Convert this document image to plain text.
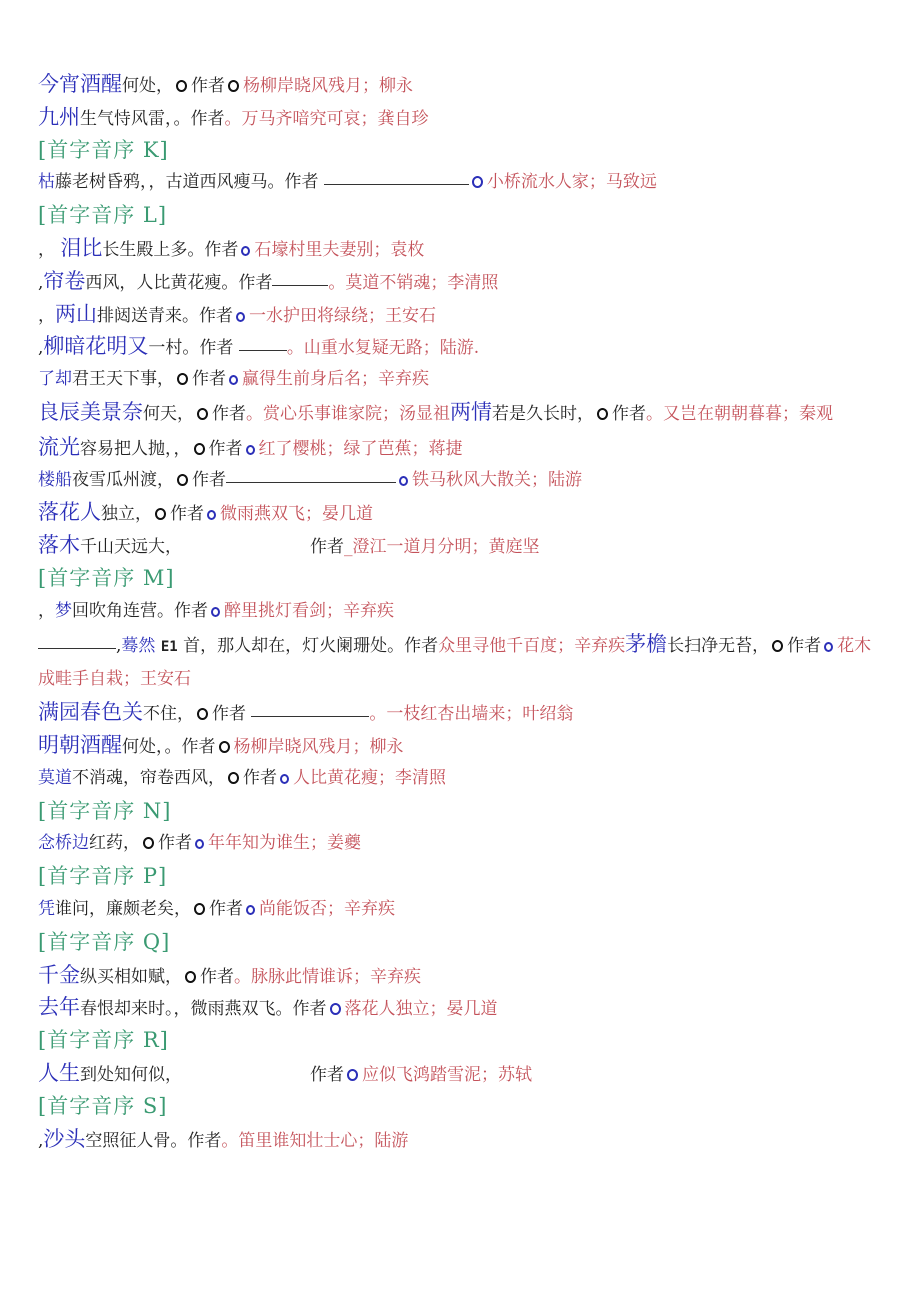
今宵酒醒何处， 作者 杨柳岸晓风残月；柳永
九州生气恃风雷，。作者。万马齐喑究可哀；龚自珍
[首字音序 K]
枯藤老树昏鸦，，古道西风瘦马。作者	小桥流水人家；马致远
[首字音序 L]
， 泪比长生殿上多。作者 石壕村里夫妻别；袁枚
,帘卷西风，人比黄花瘦。作者	。莫道不销魂；李清照
，两山排闼送青来。作者 一水护田将绿绕；王安石
,柳暗花明又一村。作者	。山重水复疑无路；陆游.
了却君王天下事， 作者 赢得生前身后名；辛弃疾
良辰美景奈何天， 作者。赏心乐事谁家院；汤显祖两情若是久长时， 作者。又岂在朝朝暮暮；秦观
流光容易把人抛，， 作者 红了樱桃；绿了芭蕉；蒋捷
楼船夜雪瓜州渡， 作者	铁马秋风大散关；陆游
落花人独立， 作者 微雨燕双飞；晏几道
落木千山天远大，	作者_澄江一道月分明；黄庭坚
[首字音序 M]
，梦回吹角连营。作者 醉里挑灯看剑；辛弃疾
,蓦然 E1 首，那人却在，灯火阑珊处。作者众里寻他千百度；辛弃疾茅檐长扫净无苔， 作者 花木成畦手自栽；王安石
满园春色关不住， 作者	。一枝红杏出墙来；叶绍翁
明朝酒醒何处，。作者 杨柳岸晓风残月；柳永
莫道不消魂，帘卷西风， 作者 人比黄花瘦；李清照
[首字音序 N]
念桥边红药， 作者 年年知为谁生；姜夔
[首字音序 P]
凭谁问，廉颇老矣， 作者 尚能饭否；辛弃疾
[首字音序 Q]
千金纵买相如赋， 作者。脉脉此情谁诉；辛弃疾
去年春恨却来时。，微雨燕双飞。作者 落花人独立；晏几道
[首字音序 R]
人生到处知何似，	作者 应似飞鸿踏雪泥；苏轼
[首字音序 S]
,沙头空照征人骨。作者。笛里谁知壮士心；陆游
